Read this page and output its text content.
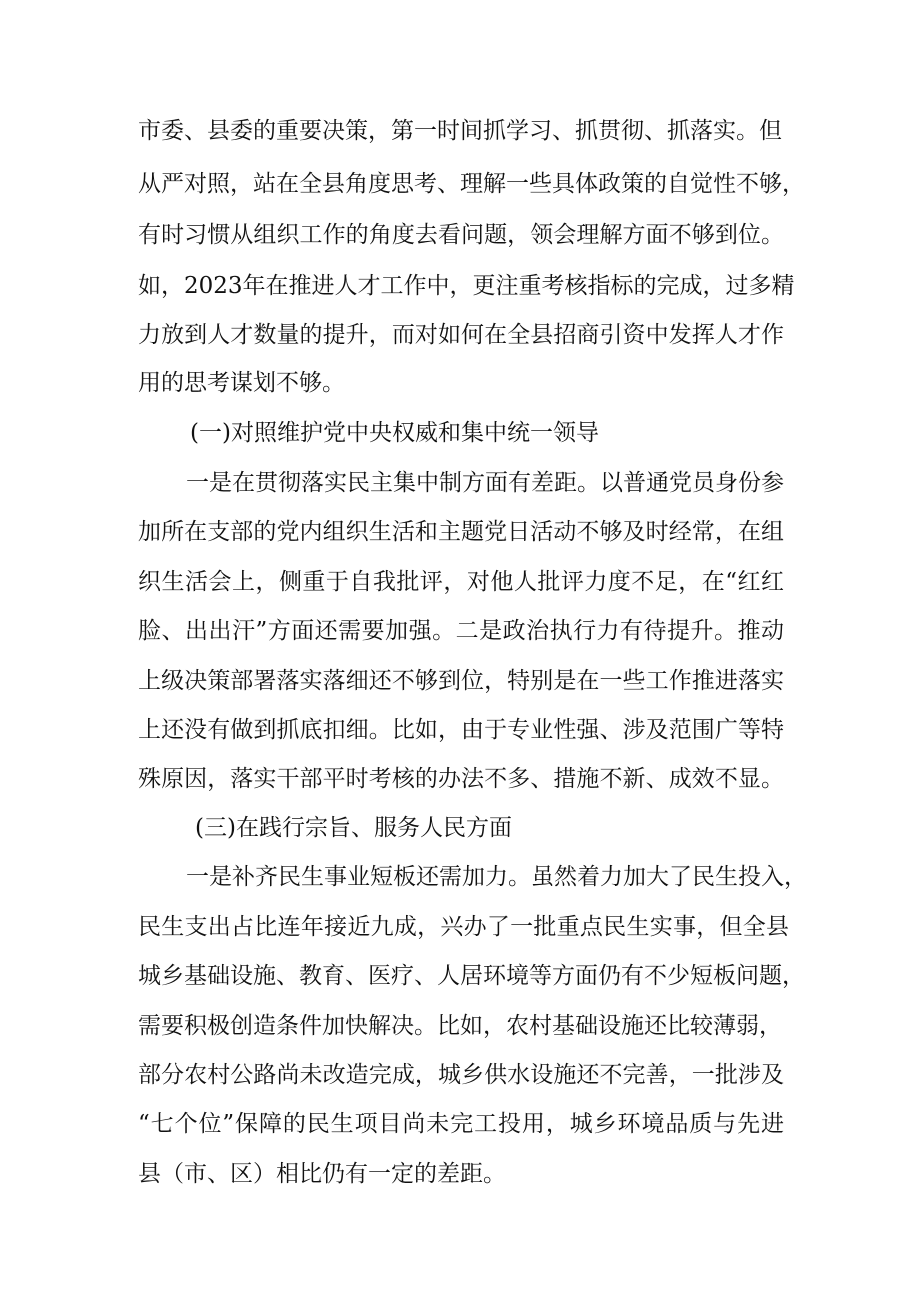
市委、县委的重要决策，第一时间抓学习、抓贯彻、抓落实。但
从严对照，站在全县角度思考、理解一些具体政策的自觉性不够，
有时习惯从组织工作的角度去看问题，领会理解方面不够到位。
如，2023年在推进人才工作中，更注重考核指标的完成，过多精
力放到人才数量的提升，而对如何在全县招商引资中发挥人才作
用的思考谋划不够。
(一)对照维护党中央权威和集中统一领导
一是在贯彻落实民主集中制方面有差距。以普通党员身份参
加所在支部的党内组织生活和主题党日活动不够及时经常，在组
织生活会上，侧重于自我批评，对他人批评力度不足，在“红红
脸、出出汗”方面还需要加强。二是政治执行力有待提升。推动
上级决策部署落实落细还不够到位，特别是在一些工作推进落实
上还没有做到抓底扣细。比如，由于专业性强、涉及范围广等特
殊原因，落实干部平时考核的办法不多、措施不新、成效不显。
(三)在践行宗旨、服务人民方面
一是补齐民生事业短板还需加力。虽然着力加大了民生投入，
民生支出占比连年接近九成，兴办了一批重点民生实事，但全县
城乡基础设施、教育、医疗、人居环境等方面仍有不少短板问题，
需要积极创造条件加快解决。比如，农村基础设施还比较薄弱，
部分农村公路尚未改造完成，城乡供水设施还不完善，一批涉及
“七个位”保障的民生项目尚未完工投用，城乡环境品质与先进
县（市、区）相比仍有一定的差距。
